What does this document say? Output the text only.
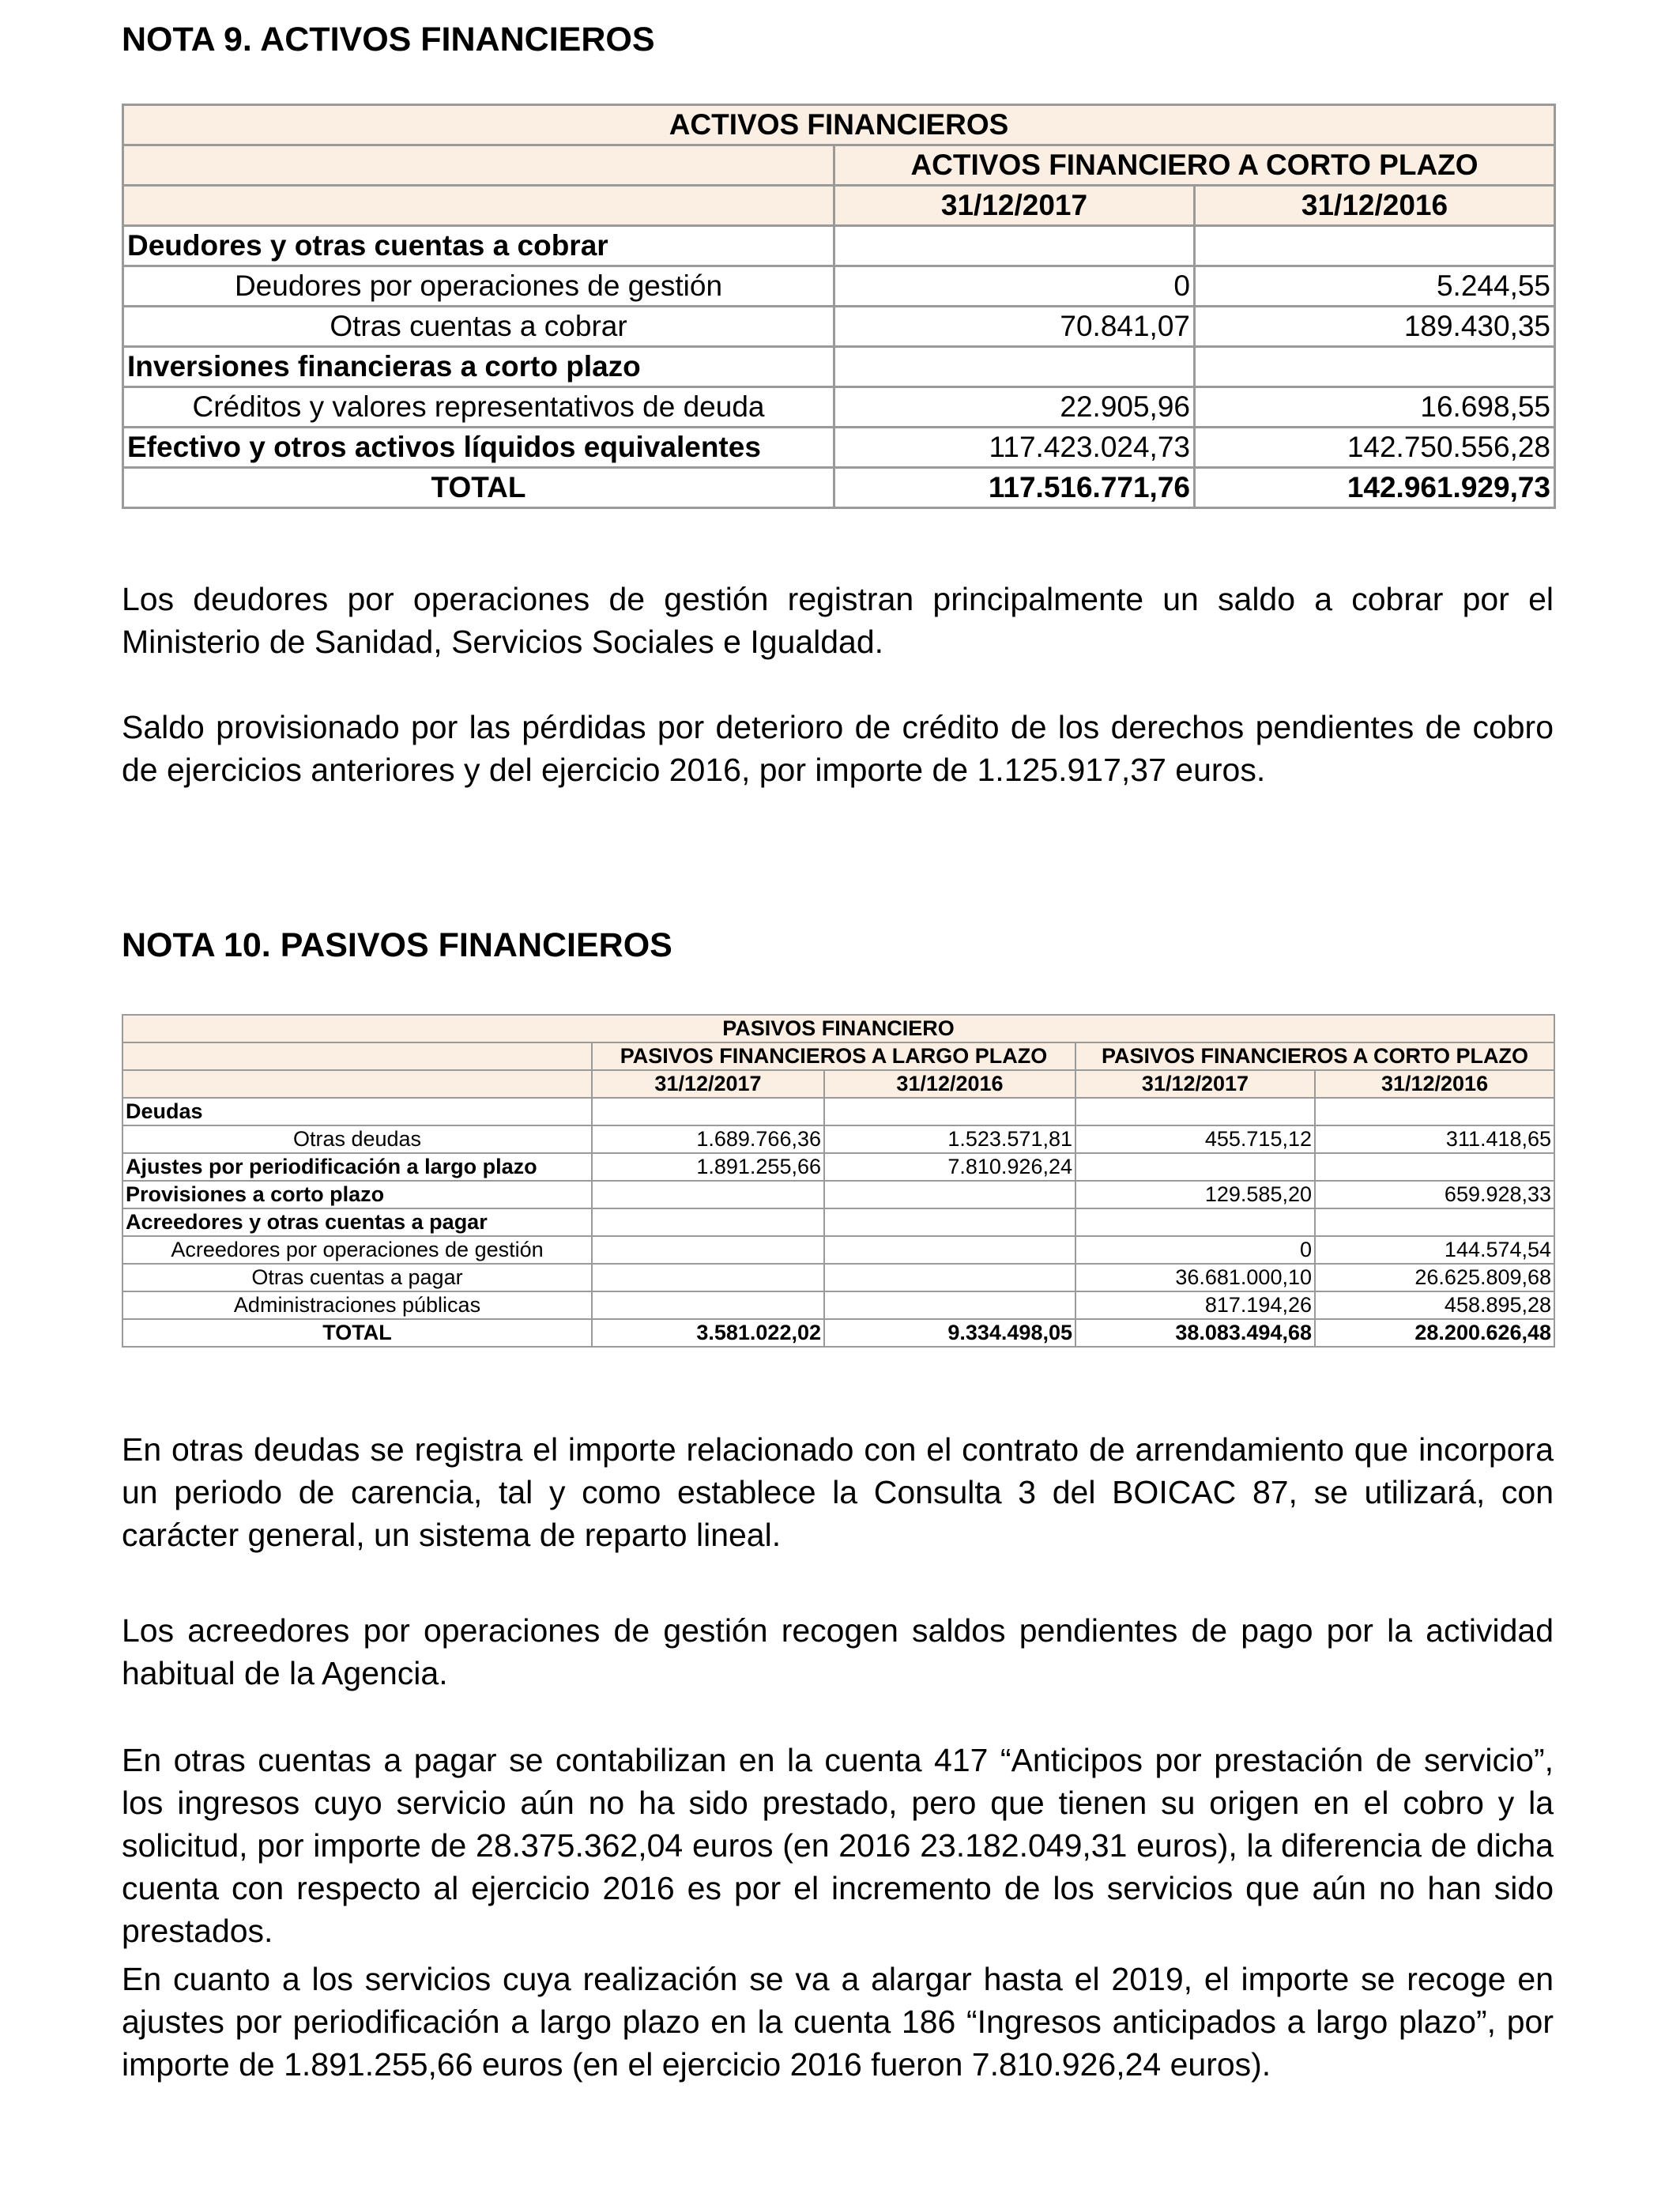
NOTA 9. ACTIVOS FINANCIEROS
ACTIVOS FINANCIEROS		
	ACTIVOS FINANCIERO A CORTO PLAZO	
	31/12/2017	31/12/2016
Deudores y otras cuentas a cobrar		
Deudores por operaciones de gestión	0	5.244,55
Otras cuentas a cobrar	70.841,07	189.430,35
Inversiones financieras a corto plazo		
Créditos y valores representativos de deuda	22.905,96	16.698,55
Efectivo y otros activos líquidos equivalentes	117.423.024,73	142.750.556,28
TOTAL	117.516.771,76	142.961.929,73

Los deudores por operaciones de gestión registran principalmente un saldo a cobrar por el Ministerio de Sanidad, Servicios Sociales e Igualdad.

Saldo provisionado por las pérdidas por deterioro de crédito de los derechos pendientes de cobro de ejercicios anteriores y del ejercicio 2016, por importe de 1.125.917,37 euros.

NOTA 10. PASIVOS FINANCIEROS
PASIVOS FINANCIERO				
	PASIVOS FINANCIEROS A LARGO PLAZO		PASIVOS FINANCIEROS A CORTO PLAZO	
	31/12/2017	31/12/2016	31/12/2017	31/12/2016
Deudas				
Otras deudas	1.689.766,36	1.523.571,81	455.715,12	311.418,65
Ajustes por periodificación a largo plazo	1.891.255,66	7.810.926,24		
Provisiones a corto plazo			129.585,20	659.928,33
Acreedores y otras cuentas a pagar				
Acreedores por operaciones de gestión			0	144.574,54
Otras cuentas a pagar			36.681.000,10	26.625.809,68
Administraciones públicas			817.194,26	458.895,28
TOTAL	3.581.022,02	9.334.498,05	38.083.494,68	28.200.626,48

En otras deudas se registra el importe relacionado con el contrato de arrendamiento que incorpora un periodo de carencia, tal y como establece la Consulta 3 del BOICAC 87, se utilizará, con carácter general, un sistema de reparto lineal.

Los acreedores por operaciones de gestión recogen saldos pendientes de pago por la actividad habitual de la Agencia.

En otras cuentas a pagar se contabilizan en la cuenta 417 “Anticipos por prestación de servicio”, los ingresos cuyo servicio aún no ha sido prestado, pero que tienen su origen en el cobro y la solicitud, por importe de 28.375.362,04 euros (en 2016 23.182.049,31 euros), la diferencia de dicha cuenta con respecto al ejercicio 2016 es por el incremento de los servicios que aún no han sido prestados.

En cuanto a los servicios cuya realización se va a alargar hasta el 2019, el importe se recoge en ajustes por periodificación a largo plazo en la cuenta 186 “Ingresos anticipados a largo plazo”, por importe de 1.891.255,66 euros (en el ejercicio 2016 fueron 7.810.926,24 euros).
